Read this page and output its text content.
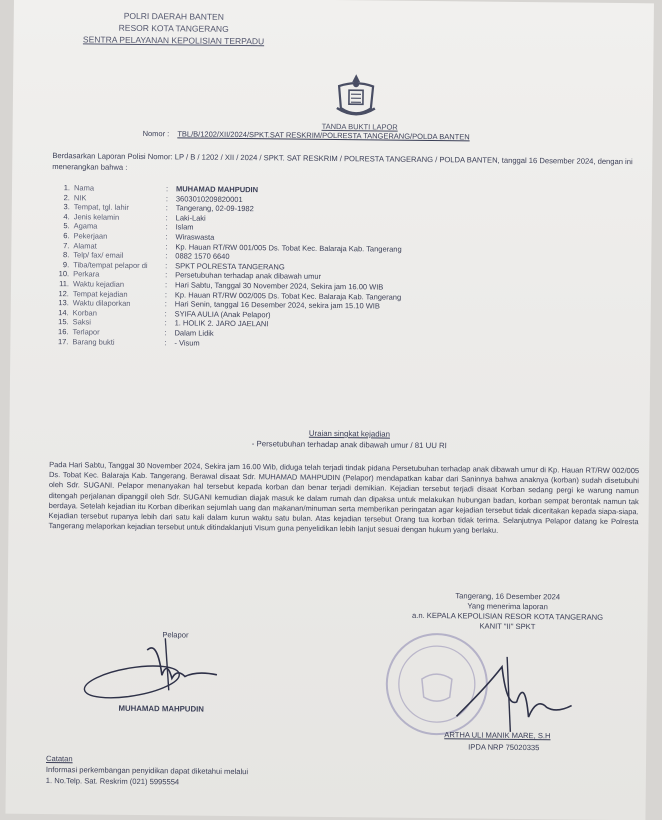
POLRI DAERAH BANTEN
RESOR KOTA TANGERANG
SENTRA PELAYANAN KEPOLISIAN TERPADU
TANDA BUKTI LAPOR
Nomor : TBL/B/1202/XII/2024/SPKT.SAT RESKRIM/POLRESTA TANGERANG/POLDA BANTEN
Berdasarkan Laporan Polisi Nomor: LP / B / 1202 / XII / 2024 / SPKT. SAT RESKRIM / POLRESTA TANGERANG / POLDA BANTEN, tanggal 16 Desember 2024, dengan ini menerangkan bahwa :
1. Nama	:	MUHAMAD MAHPUDIN
2. NIK	:	3603010209820001
3. Tempat, tgl. lahir	:	Tangerang, 02-09-1982
4. Jenis kelamin	:	Laki-Laki
5. Agama	:	Islam
6. Pekerjaan	:	Wiraswasta
7. Alamat	:	Kp. Hauan RT/RW 001/005 Ds. Tobat Kec. Balaraja Kab. Tangerang
8. Telp/ fax/ email	:	0882 1570 6640
9. Tiba/tempat pelapor di	:	SPKT POLRESTA TANGERANG
10. Perkara	:	Persetubuhan terhadap anak dibawah umur
11. Waktu kejadian	:	Hari Sabtu, Tanggal 30 November 2024, Sekira jam 16.00 WIB
12. Tempat kejadian	:	Kp. Hauan RT/RW 002/005 Ds. Tobat Kec. Balaraja Kab. Tangerang
13. Waktu dilaporkan	:	Hari Senin, tanggal 16 Desember 2024, sekira jam 15.10 WIB
14. Korban	:	SYIFA AULIA (Anak Pelapor)
15. Saksi	:	1. HOLIK 2. JARO JAELANI
16. Terlapor	:	Dalam Lidik
17. Barang bukti	:	- Visum
Uraian singkat kejadian
- Persetubuhan terhadap anak dibawah umur / 81 UU RI
Pada Hari Sabtu, Tanggal 30 November 2024, Sekira jam 16.00 Wib, diduga telah terjadi tindak pidana Persetubuhan terhadap anak dibawah umur di Kp. Hauan RT/RW 002/005 Ds. Tobat Kec. Balaraja Kab. Tangerang. Berawal disaat Sdr. MUHAMAD MAHPUDIN (Pelapor) mendapatkan kabar dari Saninnya bahwa anaknya (korban) sudah disetubuhi oleh Sdr. SUGANI. Pelapor menanyakan hal tersebut kepada korban dan benar terjadi demikian. Kejadian tersebut terjadi disaat Korban sedang pergi ke warung namun ditengah perjalanan dipanggil oleh Sdr. SUGANI kemudian diajak masuk ke dalam rumah dan dipaksa untuk melakukan hubungan badan, korban sempat berontak namun tak berdaya. Setelah kejadian itu Korban diberikan sejumlah uang dan makanan/minuman serta memberikan peringatan agar kejadian tersebut tidak diceritakan kepada siapa-siapa. Kejadian tersebut rupanya lebih dari satu kali dalam kurun waktu satu bulan. Atas kejadian tersebut Orang tua korban tidak terima. Selanjutnya Pelapor datang ke Polresta Tangerang melaporkan kejadian tersebut untuk ditindaklanjuti Visum guna penyelidikan lebih lanjut sesuai dengan hukum yang berlaku.
Tangerang, 16 Desember 2024
Yang menerima laporan
a.n. KEPALA KEPOLISIAN RESOR KOTA TANGERANG
KANIT "II" SPKT
ARTHA ULI MANIK MARE, S.H
IPDA NRP 75020335
Pelapor
MUHAMAD MAHPUDIN
Catatan
Informasi perkembangan penyidikan dapat diketahui melalui
1. No.Telp. Sat. Reskrim (021) 5995554
